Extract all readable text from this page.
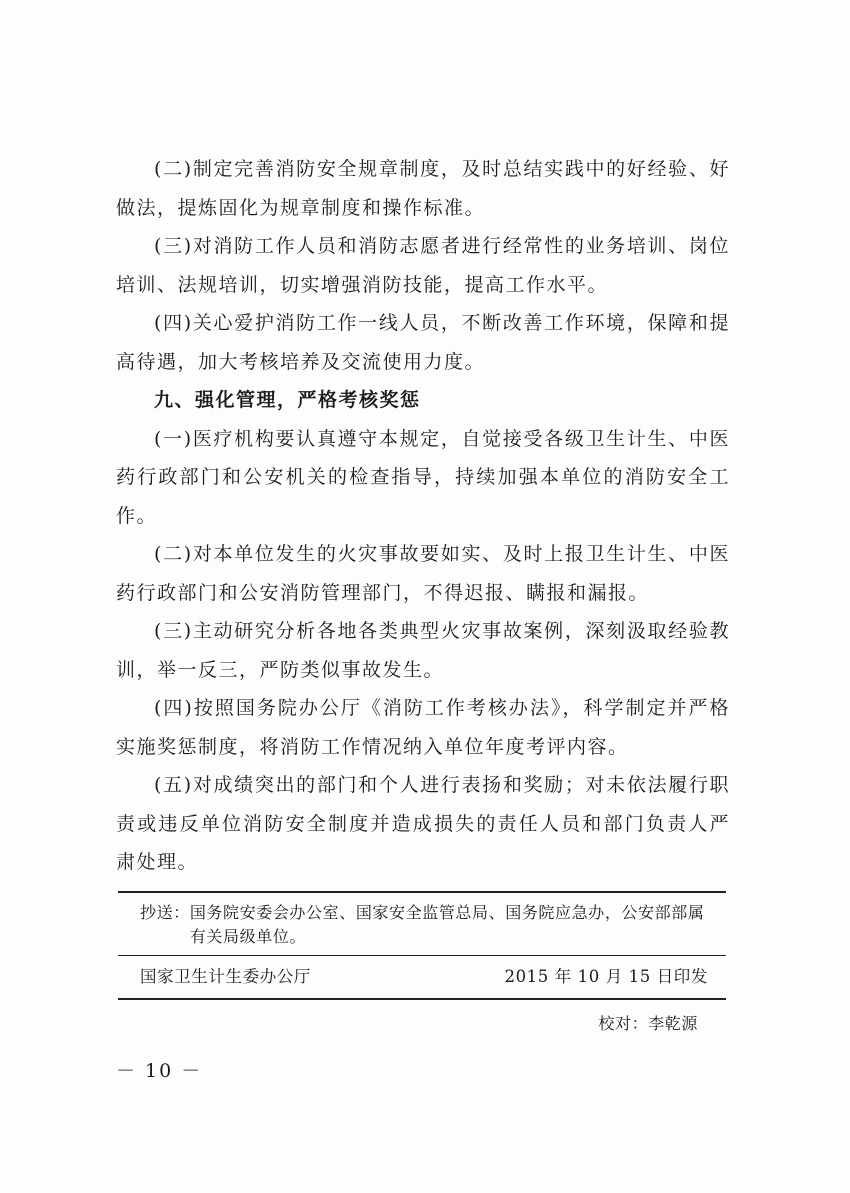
(二)制定完善消防安全规章制度，及时总结实践中的好经验、好做法，提炼固化为规章制度和操作标准。

(三)对消防工作人员和消防志愿者进行经常性的业务培训、岗位培训、法规培训，切实增强消防技能，提高工作水平。

(四)关心爱护消防工作一线人员，不断改善工作环境，保障和提高待遇，加大考核培养及交流使用力度。

九、强化管理，严格考核奖惩

(一)医疗机构要认真遵守本规定，自觉接受各级卫生计生、中医药行政部门和公安机关的检查指导，持续加强本单位的消防安全工作。

(二)对本单位发生的火灾事故要如实、及时上报卫生计生、中医药行政部门和公安消防管理部门，不得迟报、瞒报和漏报。

(三)主动研究分析各地各类典型火灾事故案例，深刻汲取经验教训，举一反三，严防类似事故发生。

(四)按照国务院办公厅《消防工作考核办法》，科学制定并严格实施奖惩制度，将消防工作情况纳入单位年度考评内容。

(五)对成绩突出的部门和个人进行表扬和奖励；对未依法履行职责或违反单位消防安全制度并造成损失的责任人员和部门负责人严肃处理。

抄送： 国务院安委会办公室、国家安全监管总局、国务院应急办，公安部部属有关局级单位。
国家卫生计生委办公厅	2015 年 10 月 15 日印发
校对：李乾源
－ 10 －
